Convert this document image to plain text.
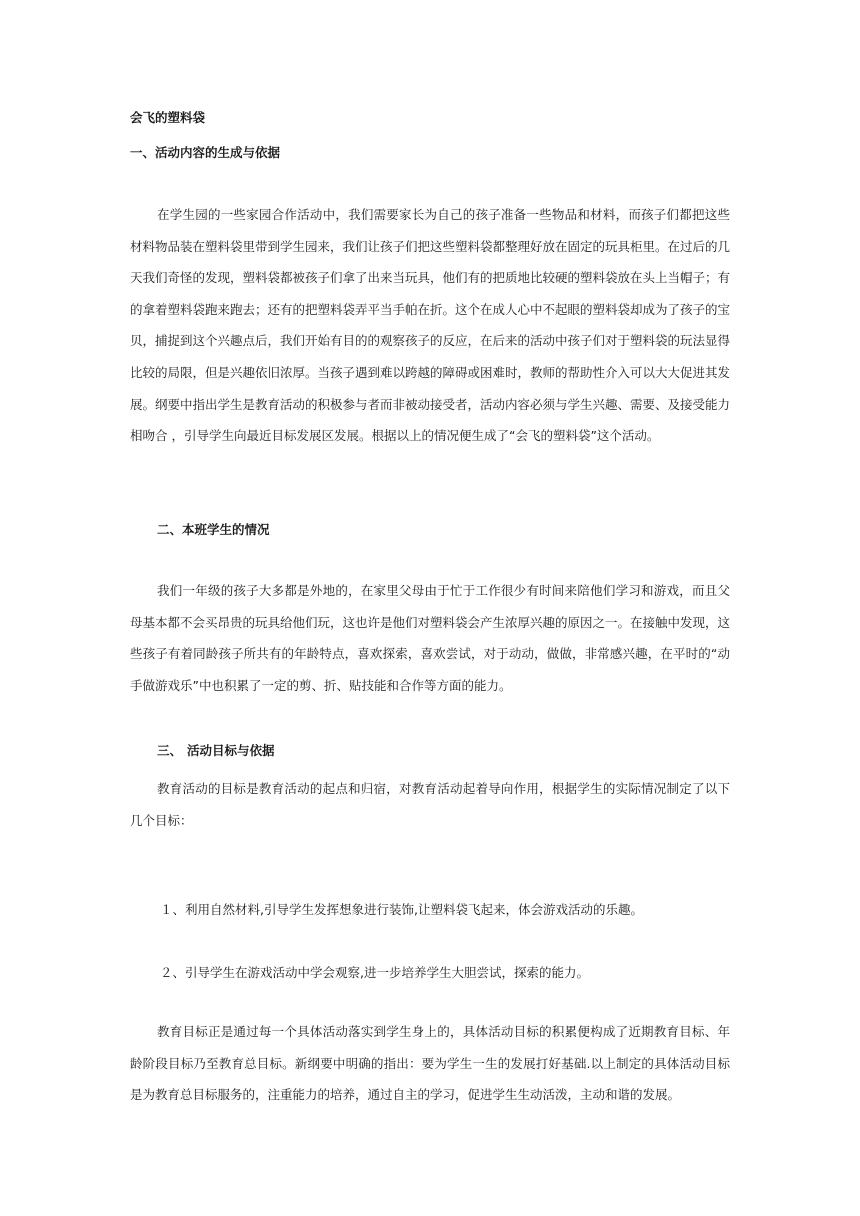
会飞的塑料袋
一、活动内容的生成与依据

在学生园的一些家园合作活动中，我们需要家长为自己的孩子准备一些物品和材料，而孩子们都把这些材料物品装在塑料袋里带到学生园来，我们让孩子们把这些塑料袋都整理好放在固定的玩具柜里。在过后的几天我们奇怪的发现，塑料袋都被孩子们拿了出来当玩具，他们有的把质地比较硬的塑料袋放在头上当帽子；有的拿着塑料袋跑来跑去；还有的把塑料袋弄平当手帕在折。这个在成人心中不起眼的塑料袋却成为了孩子的宝贝，捕捉到这个兴趣点后，我们开始有目的的观察孩子的反应，在后来的活动中孩子们对于塑料袋的玩法显得比较的局限，但是兴趣依旧浓厚。当孩子遇到难以跨越的障碍或困难时，教师的帮助性介入可以大大促进其发展。纲要中指出学生是教育活动的积极参与者而非被动接受者，活动内容必须与学生兴趣、需要、及接受能力相吻合 ，引导学生向最近目标发展区发展。根据以上的情况便生成了“会飞的塑料袋”这个活动。

二、本班学生的情况

我们一年级的孩子大多都是外地的，在家里父母由于忙于工作很少有时间来陪他们学习和游戏，而且父母基本都不会买昂贵的玩具给他们玩，这也许是他们对塑料袋会产生浓厚兴趣的原因之一。在接触中发现，这些孩子有着同龄孩子所共有的年龄特点，喜欢探索，喜欢尝试，对于动动，做做，非常感兴趣，在平时的“动手做游戏乐”中也积累了一定的剪、折、贴技能和合作等方面的能力。

三、 活动目标与依据

教育活动的目标是教育活动的起点和归宿，对教育活动起着导向作用，根据学生的实际情况制定了以下几个目标：

１、利用自然材料,引导学生发挥想象进行装饰,让塑料袋飞起来，体会游戏活动的乐趣。

２、引导学生在游戏活动中学会观察,进一步培养学生大胆尝试，探索的能力。

教育目标正是通过每一个具体活动落实到学生身上的，具体活动目标的积累便构成了近期教育目标、年龄阶段目标乃至教育总目标。新纲要中明确的指出：要为学生一生的发展打好基础.以上制定的具体活动目标是为教育总目标服务的，注重能力的培养，通过自主的学习，促进学生生动活泼，主动和谐的发展。
